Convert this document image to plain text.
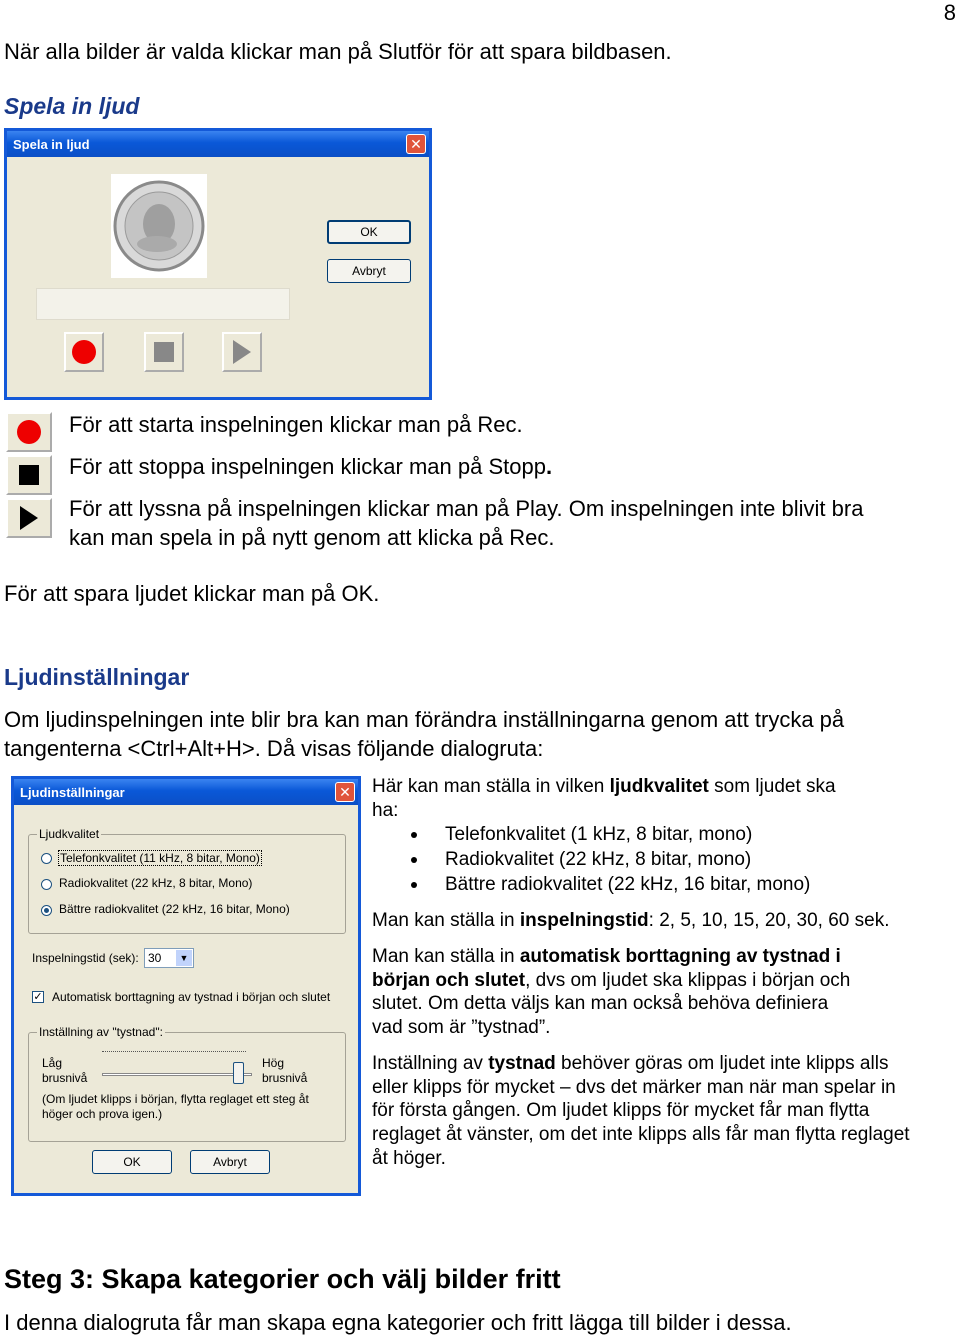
8
När alla bilder är valda klickar man på Slutför för att spara bildbasen.
Spela in ljud
Spela in ljud	✕
OK
Avbryt
För att starta inspelningen klickar man på Rec.
För att stoppa inspelningen klickar man på Stopp.
För att lyssna på inspelningen klickar man på Play. Om inspelningen inte blivit bra
kan man spela in på nytt genom att klicka på Rec.
För att spara ljudet klickar man på OK.
Ljudinställningar
Om ljudinspelningen inte blir bra kan man förändra inställningarna genom att trycka på
tangenterna <Ctrl+Alt+H>. Då visas följande dialogruta:
Ljudinställningar	✕
Ljudkvalitet
Telefonkvalitet (11 kHz, 8 bitar, Mono)
Radiokvalitet (22 kHz, 8 bitar, Mono)
Bättre radiokvalitet (22 kHz, 16 bitar, Mono)
Inspelningstid (sek): 30	▼
✓ Automatisk borttagning av tystnad i början och slutet
Inställning av "tystnad":
Låg
brusnivå
Hög
brusnivå
(Om ljudet klipps i början, flytta reglaget ett steg åt
höger och prova igen.)
OK	Avbryt
Här kan man ställa in vilken ljudkvalitet som ljudet ska
ha:
Telefonkvalitet (1 kHz, 8 bitar, mono)
Radiokvalitet (22 kHz, 8 bitar, mono)
Bättre radiokvalitet (22 kHz, 16 bitar, mono)
Man kan ställa in inspelningstid: 2, 5, 10, 15, 20, 30, 60 sek.
Man kan ställa in automatisk borttagning av tystnad i
början och slutet, dvs om ljudet ska klippas i början och
slutet. Om detta väljs kan man också behöva definiera
vad som är ”tystnad”.
Inställning av tystnad behöver göras om ljudet inte klipps alls
eller klipps för mycket – dvs det märker man när man spelar in
för första gången. Om ljudet klipps för mycket får man flytta
reglaget åt vänster, om det inte klipps alls får man flytta reglaget
åt höger.
Steg 3: Skapa kategorier och välj bilder fritt
I denna dialogruta får man skapa egna kategorier och fritt lägga till bilder i dessa.
